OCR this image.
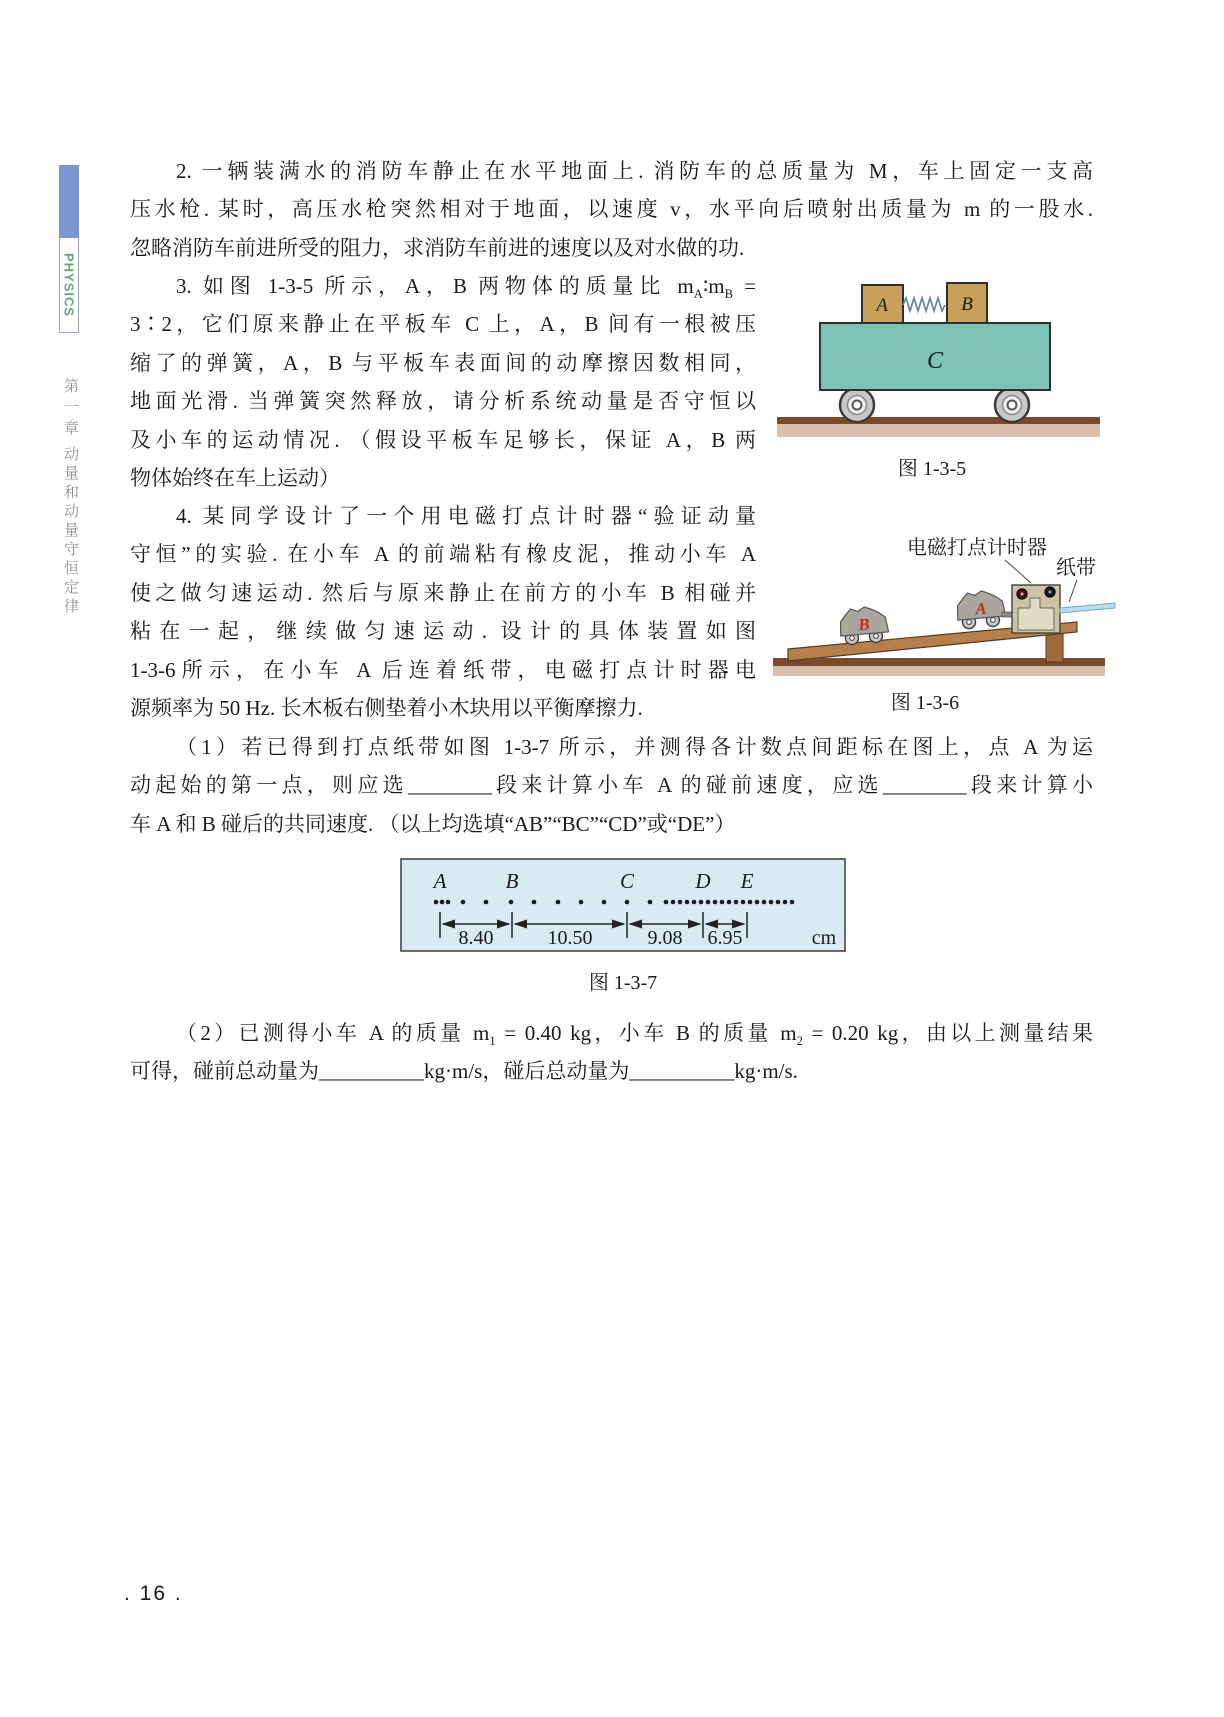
PHYSICS
第一章
动量和动量守恒定律
2. 一辆装满水的消防车静止在水平地面上. 消防车的总质量为 M，车上固定一支高
压水枪. 某时，高压水枪突然相对于地面，以速度 v，水平向后喷射出质量为 m 的一股水.
忽略消防车前进所受的阻力，求消防车前进的速度以及对水做的功.
3. 如图 1-3-5 所示，A，B 两物体的质量比 $m_A∶m_B$ =
3∶2，它们原来静止在平板车 C 上，A，B 间有一根被压
缩了的弹簧，A，B 与平板车表面间的动摩擦因数相同，
地面光滑. 当弹簧突然释放，请分析系统动量是否守恒以
及小车的运动情况. （假设平板车足够长，保证 A，B 两
物体始终在车上运动）
A	B
C
图 1-3-5
4. 某同学设计了一个用电磁打点计时器“验证动量
守恒”的实验. 在小车 A 的前端粘有橡皮泥，推动小车 A
使之做匀速运动. 然后与原来静止在前方的小车 B 相碰并
粘在一起，继续做匀速运动. 设计的具体装置如图
1-3-6所示，在小车 A 后连着纸带，电磁打点计时器电
源频率为 50 Hz. 长木板右侧垫着小木块用以平衡摩擦力.
B
A
电磁打点计时器
纸带
图 1-3-6
（1）若已得到打点纸带如图 1-3-7 所示，并测得各计数点间距标在图上，点 A 为运
动起始的第一点，则应选________段来计算小车 A 的碰前速度，应选________段来计算小
车 A 和 B 碰后的共同速度. （以上均选填“AB”“BC”“CD”或“DE”）
A	B	C	D E
8.40	10.50	9.08 6.95	cm
图 1-3-7
（2）已测得小车 A 的质量 $m_1 = 0.40$ kg，小车 B 的质量 $m_2 = 0.20$ kg，由以上测量结果
可得，碰前总动量为__________kg·m/s，碰后总动量为__________kg·m/s.
. 16 .
